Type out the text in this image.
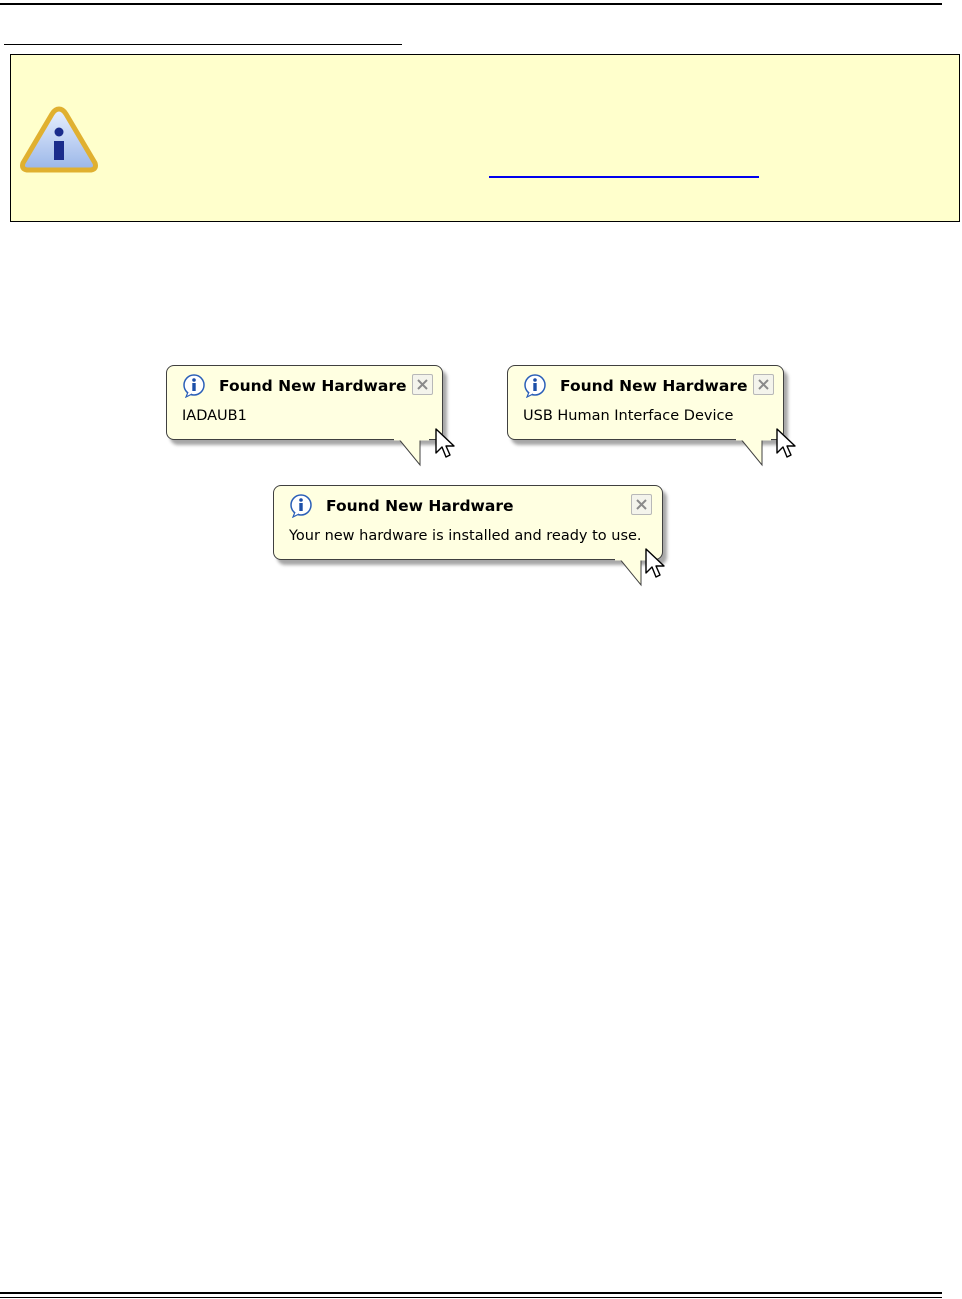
Found New Hardware
IADAUB1
Found New Hardware
USB Human Interface Device
Found New Hardware
Your new hardware is installed and ready to use.
